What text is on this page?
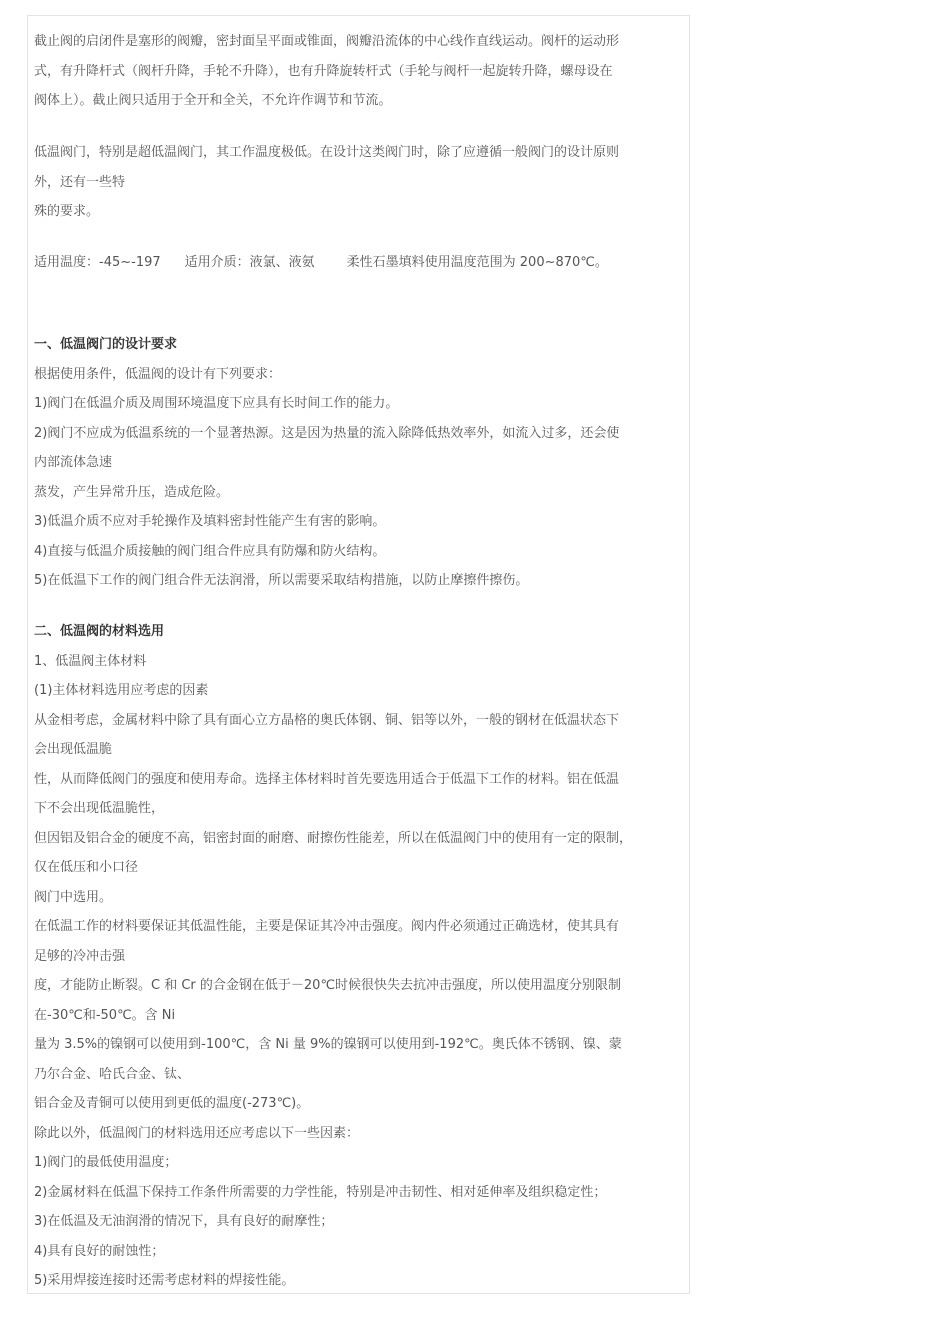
截止阀的启闭件是塞形的阀瓣，密封面呈平面或锥面，阀瓣沿流体的中心线作直线运动。阀杆的运动形
式，有升降杆式（阀杆升降，手轮不升降），也有升降旋转杆式（手轮与阀杆一起旋转升降，螺母设在
阀体上）。截止阀只适用于全开和全关，不允许作调节和节流。
低温阀门，特别是超低温阀门，其工作温度极低。在设计这类阀门时，除了应遵循一般阀门的设计原则
外，还有一些特
殊的要求。
适用温度：-45~-197 适用介质：液氯、液氨 柔性石墨填料使用温度范围为 200~870℃。
一、低温阀门的设计要求
根据使用条件，低温阀的设计有下列要求：
1)阀门在低温介质及周围环境温度下应具有长时间工作的能力。
2)阀门不应成为低温系统的一个显著热源。这是因为热量的流入除降低热效率外，如流入过多，还会使
内部流体急速
蒸发，产生异常升压，造成危险。
3)低温介质不应对手轮操作及填料密封性能产生有害的影响。
4)直接与低温介质接触的阀门组合件应具有防爆和防火结构。
5)在低温下工作的阀门组合件无法润滑，所以需要采取结构措施，以防止摩擦件擦伤。
二、低温阀的材料选用
1、低温阀主体材料
(1)主体材料选用应考虑的因素
从金相考虑，金属材料中除了具有面心立方晶格的奥氏体钢、铜、铝等以外，一般的钢材在低温状态下
会出现低温脆
性，从而降低阀门的强度和使用寿命。选择主体材料时首先要选用适合于低温下工作的材料。铝在低温
下不会出现低温脆性，
但因铝及铝合金的硬度不高，铝密封面的耐磨、耐擦伤性能差，所以在低温阀门中的使用有一定的限制，
仅在低压和小口径
阀门中选用。
在低温工作的材料要保证其低温性能，主要是保证其冷冲击强度。阀内件必须通过正确选材，使其具有
足够的冷冲击强
度，才能防止断裂。C 和 Cr 的合金钢在低于－20℃时候很快失去抗冲击强度，所以使用温度分别限制
在-30℃和-50℃。含 Ni
量为 3.5%的镍钢可以使用到-100℃，含 Ni 量 9%的镍钢可以使用到-192℃。奥氏体不锈钢、镍、蒙
乃尔合金、哈氏合金、钛、
铝合金及青铜可以使用到更低的温度(-273℃)。
除此以外，低温阀门的材料选用还应考虑以下一些因素：
1)阀门的最低使用温度；
2)金属材料在低温下保持工作条件所需要的力学性能，特别是冲击韧性、相对延伸率及组织稳定性；
3)在低温及无油润滑的情况下，具有良好的耐摩性；
4)具有良好的耐蚀性；
5)采用焊接连接时还需考虑材料的焊接性能。
